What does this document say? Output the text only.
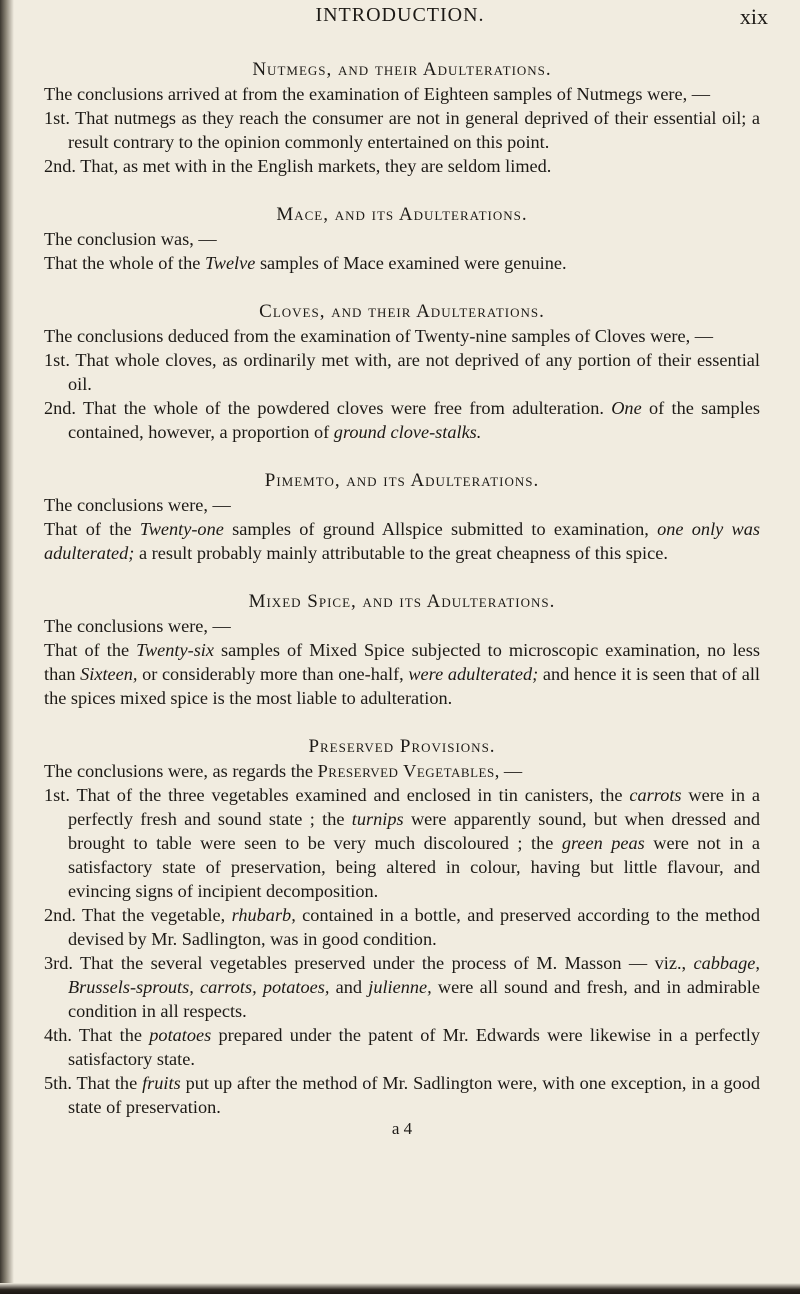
INTRODUCTION.	xix
Nutmegs, and their Adulterations.

The conclusions arrived at from the examination of Eighteen samples of Nutmegs were, —

1st. That nutmegs as they reach the consumer are not in general deprived of their essential oil; a result contrary to the opinion commonly entertained on this point.
2nd. That, as met with in the English markets, they are seldom limed.
Mace, and its Adulterations.

The conclusion was, —

That the whole of the Twelve samples of Mace examined were genuine.

Cloves, and their Adulterations.

The conclusions deduced from the examination of Twenty-nine samples of Cloves were, —

1st. That whole cloves, as ordinarily met with, are not deprived of any portion of their essential oil.
2nd. That the whole of the powdered cloves were free from adulteration. One of the samples contained, however, a proportion of ground clove-stalks.
Pimemto, and its Adulterations.

The conclusions were, —

That of the Twenty-one samples of ground Allspice submitted to examination, one only was adulterated; a result probably mainly attributable to the great cheapness of this spice.

Mixed Spice, and its Adulterations.

The conclusions were, —

That of the Twenty-six samples of Mixed Spice subjected to microscopic examination, no less than Sixteen, or considerably more than one-half, were adulterated; and hence it is seen that of all the spices mixed spice is the most liable to adulteration.

Preserved Provisions.

The conclusions were, as regards the Preserved Vegetables, —

1st. That of the three vegetables examined and enclosed in tin canisters, the carrots were in a perfectly fresh and sound state ; the turnips were apparently sound, but when dressed and brought to table were seen to be very much discoloured ; the green peas were not in a satisfactory state of preservation, being altered in colour, having but little flavour, and evincing signs of incipient decomposition.
2nd. That the vegetable, rhubarb, contained in a bottle, and preserved according to the method devised by Mr. Sadlington, was in good condition.
3rd. That the several vegetables preserved under the process of M. Masson — viz., cabbage, Brussels-sprouts, carrots, potatoes, and julienne, were all sound and fresh, and in admirable condition in all respects.
4th. That the potatoes prepared under the patent of Mr. Edwards were likewise in a perfectly satisfactory state.
5th. That the fruits put up after the method of Mr. Sadlington were, with one exception, in a good state of preservation.
a 4
